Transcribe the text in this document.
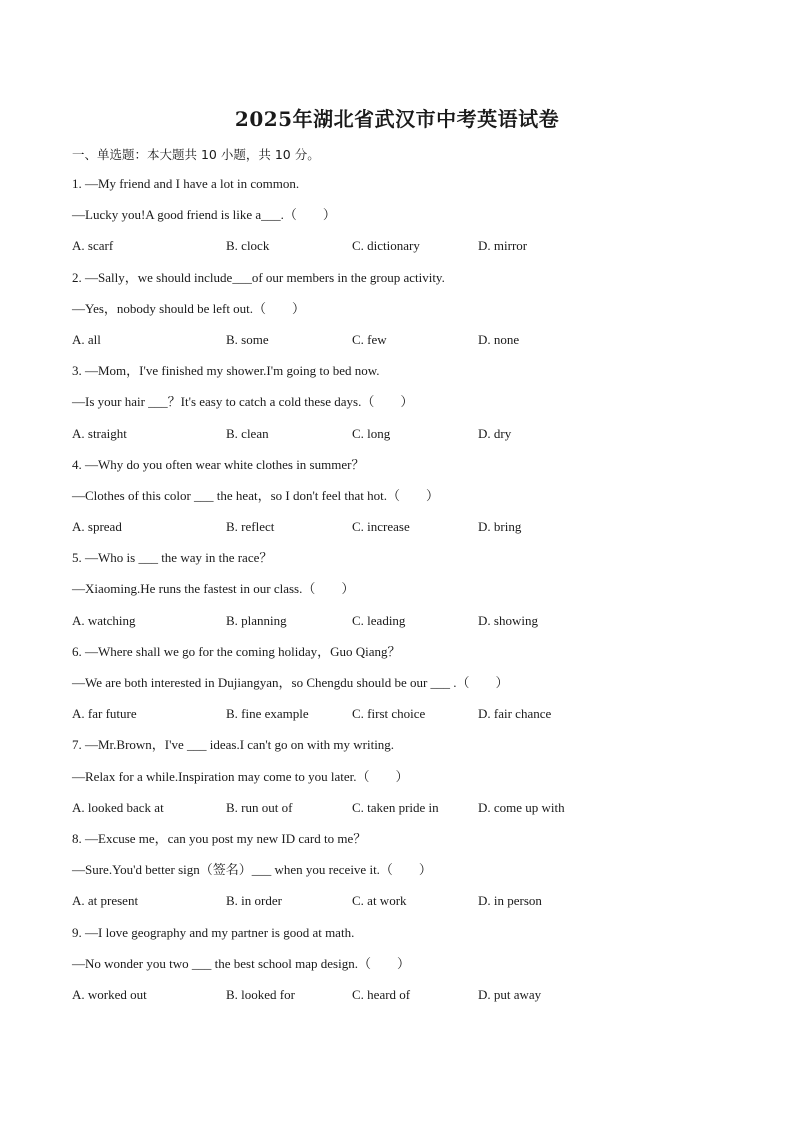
2025年湖北省武汉市中考英语试卷
一、单选题：本大题共 10 小题，共 10 分。
1. —My friend and I have a lot in common.
—Lucky you!A good friend is like a___.（　　）
A. scarf	B. clock	C. dictionary	D. mirror
2. —Sally，we should include___of our members in the group activity.
—Yes，nobody should be left out.（　　）
A. all	B. some	C. few	D. none
3. —Mom，I've finished my shower.I'm going to bed now.
—Is your hair ___？It's easy to catch a cold these days.（　　）
A. straight	B. clean	C. long	D. dry
4. —Why do you often wear white clothes in summer？
—Clothes of this color ___ the heat，so I don't feel that hot.（　　）
A. spread	B. reflect	C. increase	D. bring
5. —Who is ___ the way in the race？
—Xiaoming.He runs the fastest in our class.（　　）
A. watching	B. planning	C. leading	D. showing
6. —Where shall we go for the coming holiday，Guo Qiang？
—We are both interested in Dujiangyan，so Chengdu should be our ___ .（　　）
A. far future	B. fine example	C. first choice	D. fair chance
7. —Mr.Brown，I've ___ ideas.I can't go on with my writing.
—Relax for a while.Inspiration may come to you later.（　　）
A. looked back at	B. run out of	C. taken pride in	D. come up with
8. —Excuse me，can you post my new ID card to me？
—Sure.You'd better sign（签名）___ when you receive it.（　　）
A. at present	B. in order	C. at work	D. in person
9. —I love geography and my partner is good at math.
—No wonder you two ___ the best school map design.（　　）
A. worked out	B. looked for	C. heard of	D. put away
